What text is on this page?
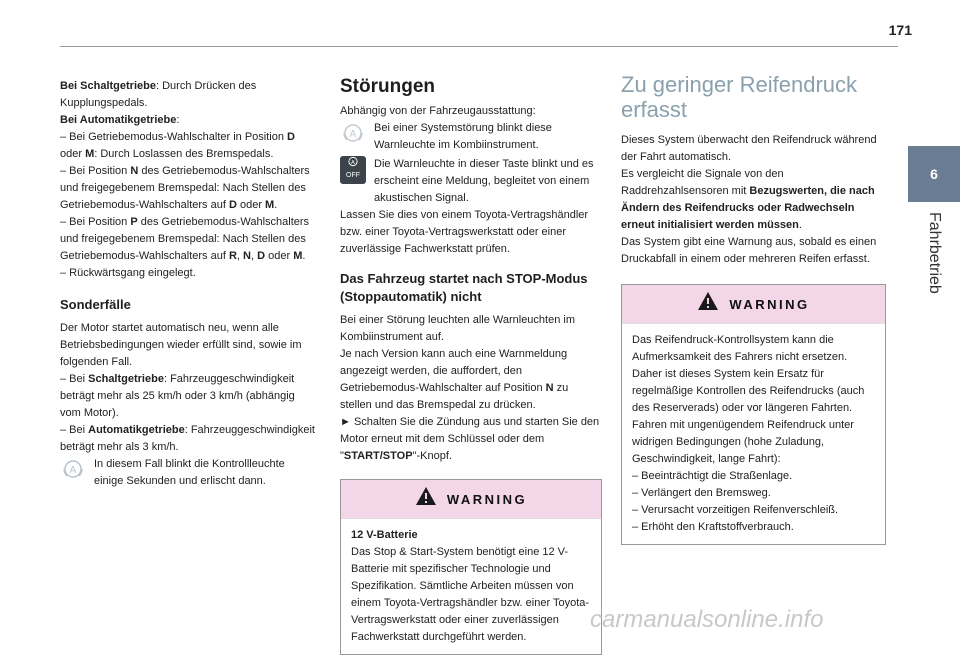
171
6
Fahrbetrieb

Bei Schaltgetriebe: Durch Drücken des Kupplungspedals.

Bei Automatikgetriebe:

– Bei Getriebemodus-Wahlschalter in Position D oder M: Durch Loslassen des Bremspedals.

– Bei Position N des Getriebemodus-Wahlschalters und freigegebenem Bremspedal: Nach Stellen des Getriebemodus-Wahlschalters auf D oder M.

– Bei Position P des Getriebemodus-Wahlschalters und freigegebenem Bremspedal: Nach Stellen des Getriebemodus-Wahlschalters auf R, N, D oder M.

– Rückwärtsgang eingelegt.

Sonderfälle

Der Motor startet automatisch neu, wenn alle Betriebsbedingungen wieder erfüllt sind, sowie im folgenden Fall.

– Bei Schaltgetriebe: Fahrzeuggeschwindigkeit beträgt mehr als 25 km/h oder 3 km/h (abhängig vom Motor).

– Bei Automatikgetriebe: Fahrzeuggeschwindigkeit beträgt mehr als 3 km/h.

A

In diesem Fall blinkt die Kontrollleuchte einige Sekunden und erlischt dann.

Störungen

Abhängig von der Fahrzeugausstattung:

A

Bei einer Systemstörung blinkt diese Warnleuchte im Kombiinstrument.

A
OFF

Die Warnleuchte in dieser Taste blinkt und es erscheint eine Meldung, begleitet von einem akustischen Signal.

Lassen Sie dies von einem Toyota-Vertragshändler bzw. einer Toyota-Vertragswerkstatt oder einer zuverlässige Fachwerkstatt prüfen.

Das Fahrzeug startet nach STOP-Modus (Stoppautomatik) nicht

Bei einer Störung leuchten alle Warnleuchten im Kombiinstrument auf.

Je nach Version kann auch eine Warnmeldung angezeigt werden, die auffordert, den Getriebemodus-Wahlschalter auf Position N zu stellen und das Bremspedal zu drücken.

► Schalten Sie die Zündung aus und starten Sie den Motor erneut mit dem Schlüssel oder dem "START/STOP"-Knopf.

WARNING

12 V-Batterie

Das Stop & Start-System benötigt eine 12 V-Batterie mit spezifischer Technologie und Spezifikation. Sämtliche Arbeiten müssen von einem Toyota-Vertragshändler bzw. einer Toyota-Vertragswerkstatt oder einer zuverlässigen Fachwerkstatt durchgeführt werden.

Zu geringer Reifendruck erfasst

Dieses System überwacht den Reifendruck während der Fahrt automatisch.

Es vergleicht die Signale von den Raddrehzahlsensoren mit Bezugswerten, die nach Ändern des Reifendrucks oder Radwechseln erneut initialisiert werden müssen.

Das System gibt eine Warnung aus, sobald es einen Druckabfall in einem oder mehreren Reifen erfasst.

WARNING

Das Reifendruck-Kontrollsystem kann die Aufmerksamkeit des Fahrers nicht ersetzen.

Daher ist dieses System kein Ersatz für regelmäßige Kontrollen des Reifendrucks (auch des Reserverads) oder vor längeren Fahrten.

Fahren mit ungenügendem Reifendruck unter widrigen Bedingungen (hohe Zuladung, Geschwindigkeit, lange Fahrt):

– Beeinträchtigt die Straßenlage.

– Verlängert den Bremsweg.

– Verursacht vorzeitigen Reifenverschleiß.

– Erhöht den Kraftstoffverbrauch.

carmanualsonline.info
